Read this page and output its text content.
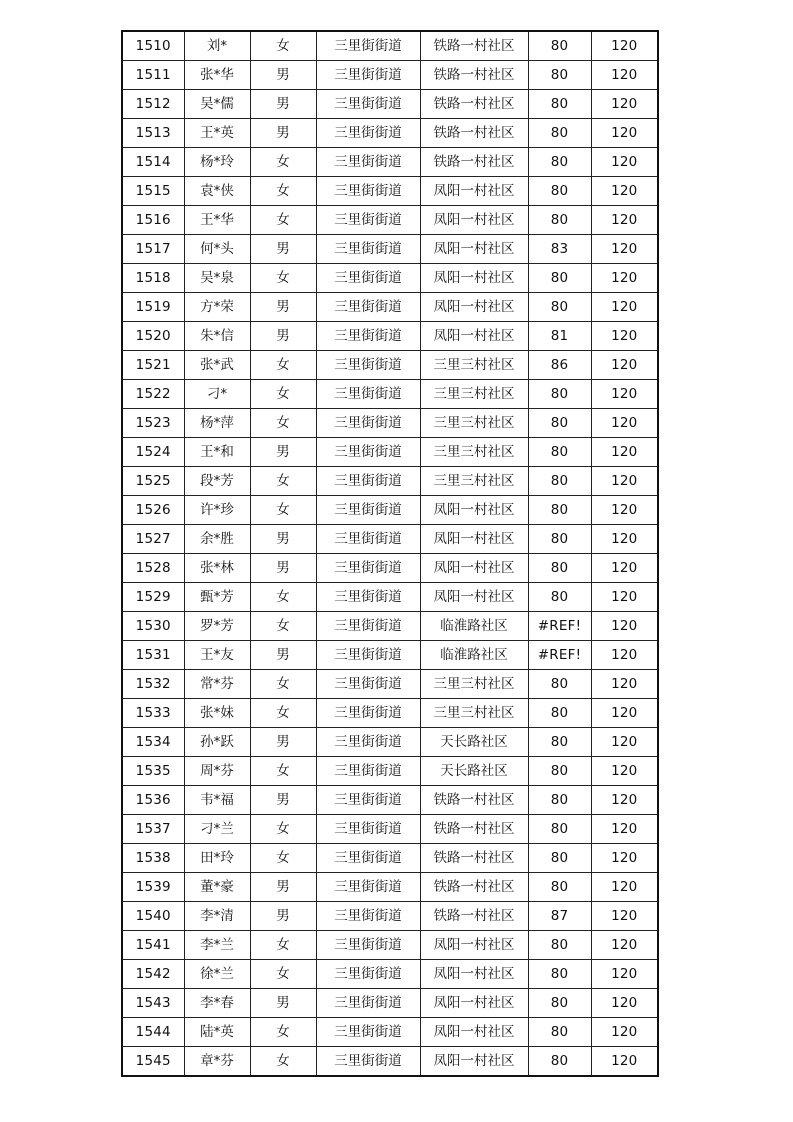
1510	刘*	女	三里街街道	铁路一村社区	80	120
1511	张*华	男	三里街街道	铁路一村社区	80	120
1512	吴*儒	男	三里街街道	铁路一村社区	80	120
1513	王*英	男	三里街街道	铁路一村社区	80	120
1514	杨*玲	女	三里街街道	铁路一村社区	80	120
1515	袁*侠	女	三里街街道	凤阳一村社区	80	120
1516	王*华	女	三里街街道	凤阳一村社区	80	120
1517	何*头	男	三里街街道	凤阳一村社区	83	120
1518	吴*泉	女	三里街街道	凤阳一村社区	80	120
1519	方*荣	男	三里街街道	凤阳一村社区	80	120
1520	朱*信	男	三里街街道	凤阳一村社区	81	120
1521	张*武	女	三里街街道	三里三村社区	86	120
1522	刁*	女	三里街街道	三里三村社区	80	120
1523	杨*萍	女	三里街街道	三里三村社区	80	120
1524	王*和	男	三里街街道	三里三村社区	80	120
1525	段*芳	女	三里街街道	三里三村社区	80	120
1526	许*珍	女	三里街街道	凤阳一村社区	80	120
1527	余*胜	男	三里街街道	凤阳一村社区	80	120
1528	张*林	男	三里街街道	凤阳一村社区	80	120
1529	甄*芳	女	三里街街道	凤阳一村社区	80	120
1530	罗*芳	女	三里街街道	临淮路社区	#REF!	120
1531	王*友	男	三里街街道	临淮路社区	#REF!	120
1532	常*芬	女	三里街街道	三里三村社区	80	120
1533	张*妹	女	三里街街道	三里三村社区	80	120
1534	孙*跃	男	三里街街道	天长路社区	80	120
1535	周*芬	女	三里街街道	天长路社区	80	120
1536	韦*福	男	三里街街道	铁路一村社区	80	120
1537	刁*兰	女	三里街街道	铁路一村社区	80	120
1538	田*玲	女	三里街街道	铁路一村社区	80	120
1539	董*豪	男	三里街街道	铁路一村社区	80	120
1540	李*清	男	三里街街道	铁路一村社区	87	120
1541	李*兰	女	三里街街道	凤阳一村社区	80	120
1542	徐*兰	女	三里街街道	凤阳一村社区	80	120
1543	李*春	男	三里街街道	凤阳一村社区	80	120
1544	陆*英	女	三里街街道	凤阳一村社区	80	120
1545	章*芬	女	三里街街道	凤阳一村社区	80	120
